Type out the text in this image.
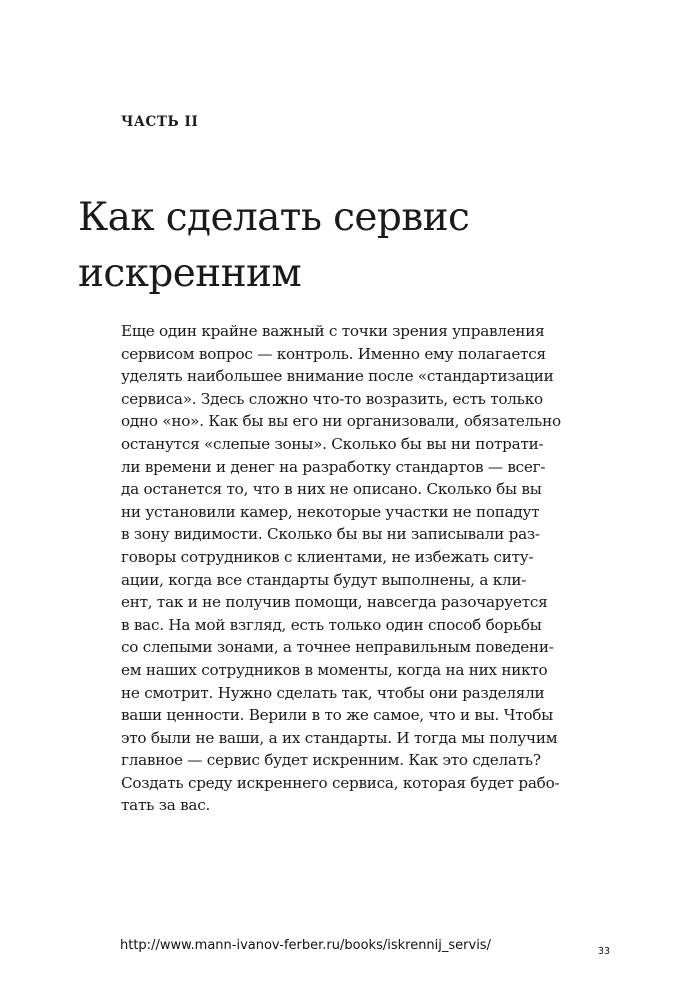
ЧАСТЬ II
Как сделать сервис
искренним
Еще один крайне важный с точки зрения управления
сервисом вопрос — контроль. Именно ему полагается
уделять наибольшее внимание после «стандартизации
сервиса». Здесь сложно что-то возразить, есть только
одно «но». Как бы вы его ни организовали, обязательно
останутся «слепые зоны». Сколько бы вы ни потрати-
ли времени и денег на разработку стандартов — всег-
да останется то, что в них не описано. Сколько бы вы
ни установили камер, некоторые участки не попадут
в зону видимости. Сколько бы вы ни записывали раз-
говоры сотрудников с клиентами, не избежать ситу-
ации, когда все стандарты будут выполнены, а кли-
ент, так и не получив помощи, навсегда разочаруется
в вас. На мой взгляд, есть только один способ борьбы
со слепыми зонами, а точнее неправильным поведени-
ем наших сотрудников в моменты, когда на них никто
не смотрит. Нужно сделать так, чтобы они разделяли
ваши ценности. Верили в то же самое, что и вы. Чтобы
это были не ваши, а их стандарты. И тогда мы получим
главное — сервис будет искренним. Как это сделать?
Создать среду искреннего сервиса, которая будет рабо-
тать за вас.
http://www.mann-ivanov-ferber.ru/books/iskrennij_servis/	33
